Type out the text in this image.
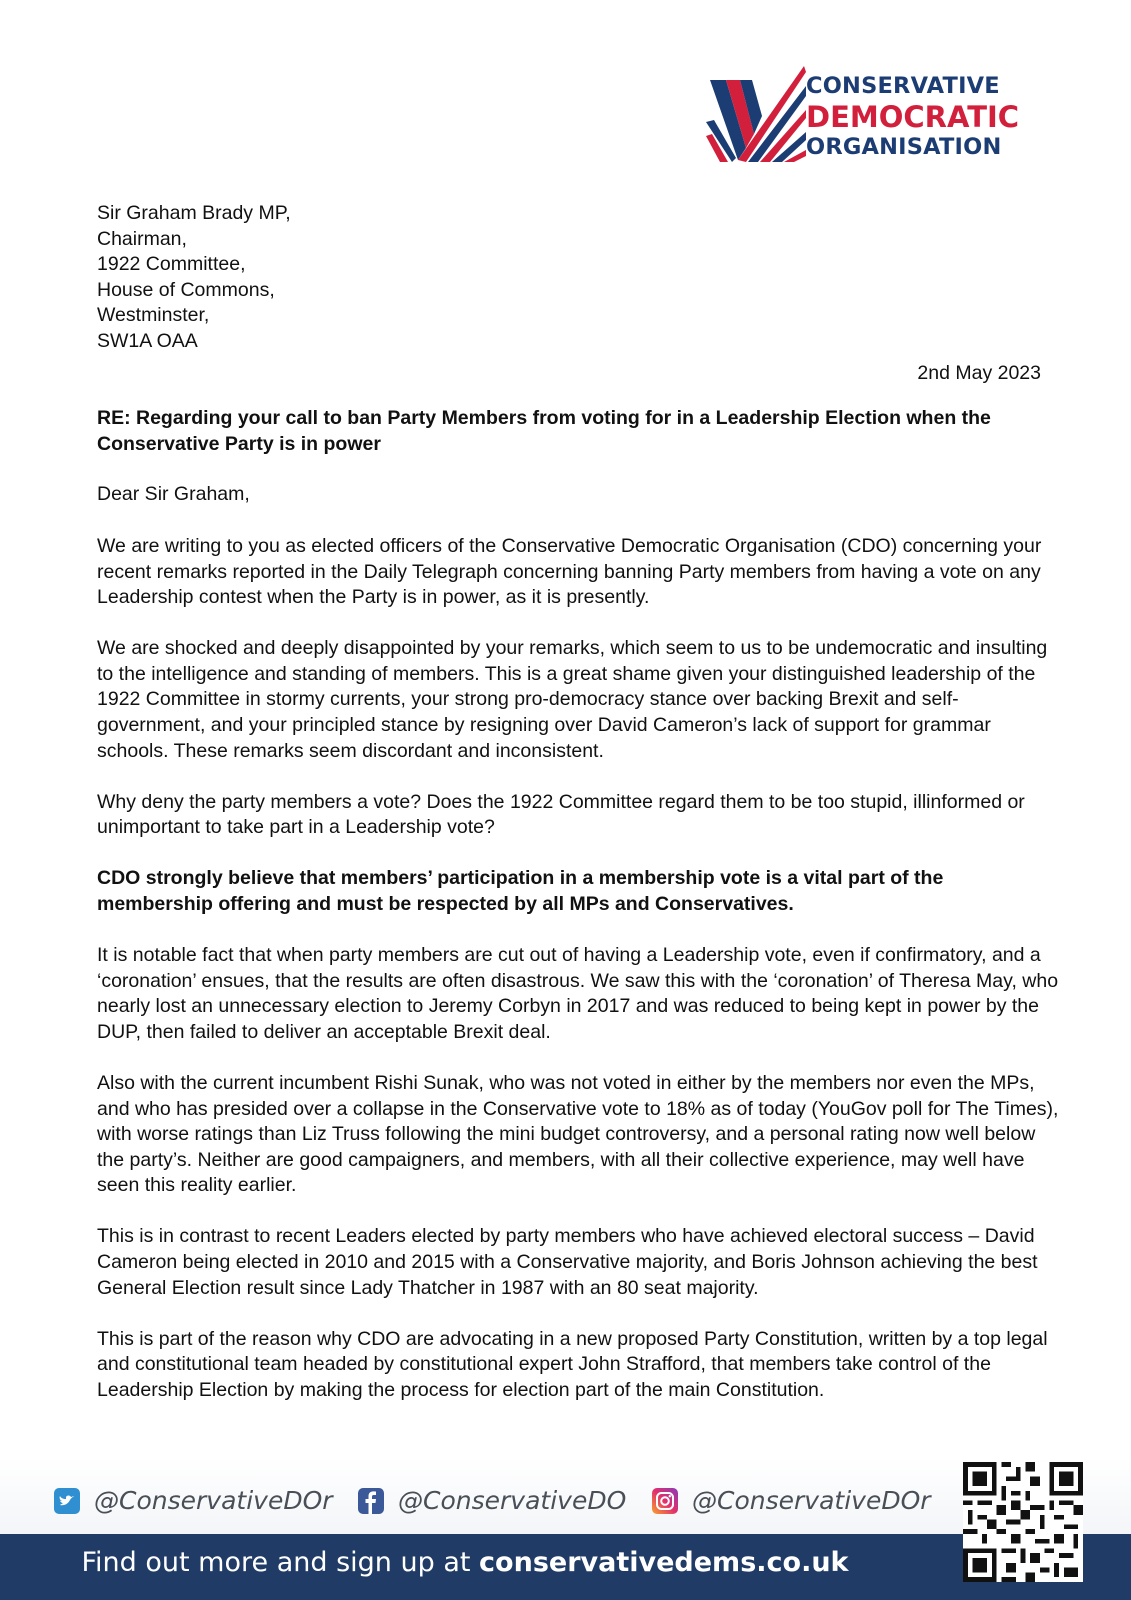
CONSERVATIVE
DEMOCRATIC
ORGANISATION
Sir Graham Brady MP,
Chairman,
1922 Committee,
House of Commons,
Westminster,
SW1A OAA
2nd May 2023
RE: Regarding your call to ban Party Members from voting for in a Leadership Election when the Conservative Party is in power
Dear Sir Graham,

We are writing to you as elected officers of the Conservative Democratic Organisation (CDO) concerning your recent remarks reported in the Daily Telegraph concerning banning Party members from having a vote on any Leadership contest when the Party is in power, as it is presently.

We are shocked and deeply disappointed by your remarks, which seem to us to be undemocratic and insulting to the intelligence and standing of members. This is a great shame given your distinguished leadership of the 1922 Committee in stormy currents, your strong pro-democracy stance over backing Brexit and self-government, and your principled stance by resigning over David Cameron’s lack of support for grammar schools. These remarks seem discordant and inconsistent.

Why deny the party members a vote? Does the 1922 Committee regard them to be too stupid, illinformed or unimportant to take part in a Leadership vote?

CDO strongly believe that members’ participation in a membership vote is a vital part of the membership offering and must be respected by all MPs and Conservatives.

It is notable fact that when party members are cut out of having a Leadership vote, even if confirmatory, and a ‘coronation’ ensues, that the results are often disastrous. We saw this with the ‘coronation’ of Theresa May, who nearly lost an unnecessary election to Jeremy Corbyn in 2017 and was reduced to being kept in power by the DUP, then failed to deliver an acceptable Brexit deal.

Also with the current incumbent Rishi Sunak, who was not voted in either by the members nor even the MPs, and who has presided over a collapse in the Conservative vote to 18% as of today (YouGov poll for The Times), with worse ratings than Liz Truss following the mini budget controversy, and a personal rating now well below the party’s. Neither are good campaigners, and members, with all their collective experience, may well have seen this reality earlier.

This is in contrast to recent Leaders elected by party members who have achieved electoral success – David Cameron being elected in 2010 and 2015 with a Conservative majority, and Boris Johnson achieving the best General Election result since Lady Thatcher in 1987 with an 80 seat majority.

This is part of the reason why CDO are advocating in a new proposed Party Constitution, written by a top legal and constitutional team headed by constitutional expert John Strafford, that members take control of the Leadership Election by making the process for election part of the main Constitution.

@ConservativeDOr	@ConservativeDO	@ConservativeDOr
Find out more and sign up at conservativedems.co.uk
